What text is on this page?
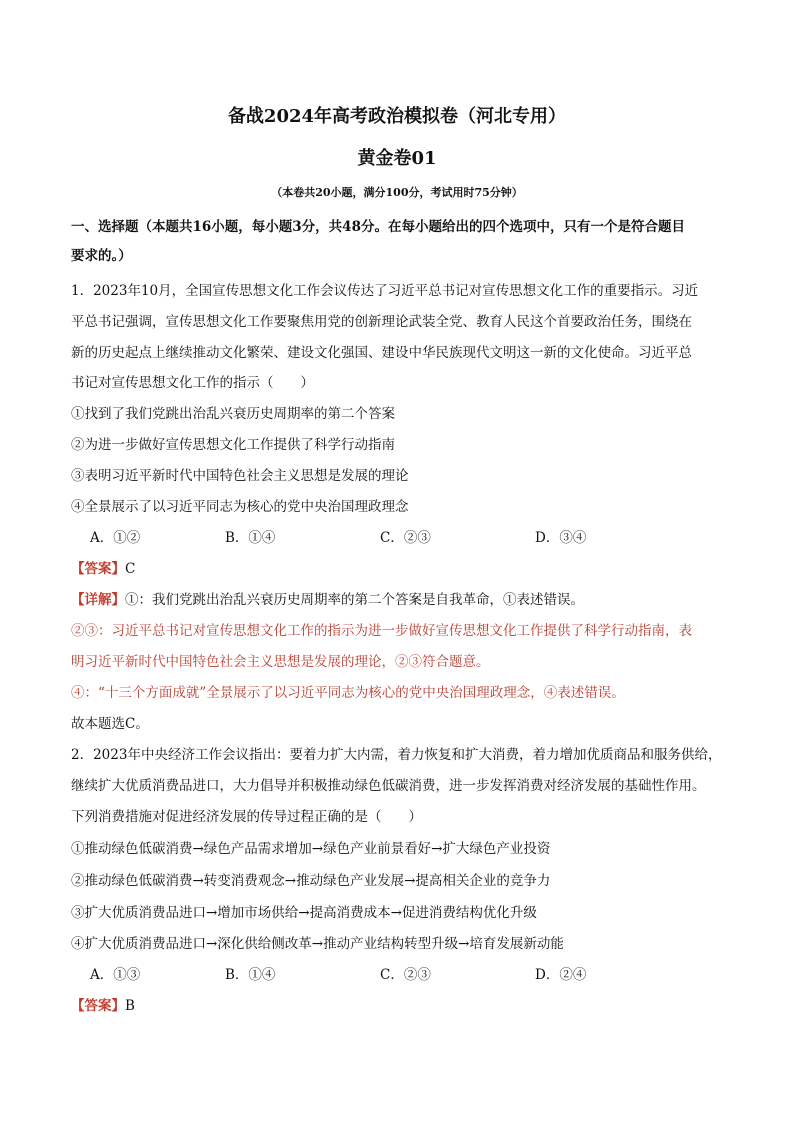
备战2024年高考政治模拟卷（河北专用）
黄金卷01
（本卷共20小题，满分100分，考试用时75分钟）
一、选择题（本题共16小题，每小题3分，共48分。在每小题给出的四个选项中，只有一个是符合题目
要求的。）
1．2023年10月，全国宣传思想文化工作会议传达了习近平总书记对宣传思想文化工作的重要指示。习近
平总书记强调，宣传思想文化工作要聚焦用党的创新理论武装全党、教育人民这个首要政治任务，围绕在
新的历史起点上继续推动文化繁荣、建设文化强国、建设中华民族现代文明这一新的文化使命。习近平总
书记对宣传思想文化工作的指示（　　）
①找到了我们党跳出治乱兴衰历史周期率的第二个答案
②为进一步做好宣传思想文化工作提供了科学行动指南
③表明习近平新时代中国特色社会主义思想是发展的理论
④全景展示了以习近平同志为核心的党中央治国理政理念
A．①②	B．①④	C．②③	D．③④
【答案】C
【详解】①：我们党跳出治乱兴衰历史周期率的第二个答案是自我革命，①表述错误。
②③：习近平总书记对宣传思想文化工作的指示为进一步做好宣传思想文化工作提供了科学行动指南，表
明习近平新时代中国特色社会主义思想是发展的理论，②③符合题意。
④：“十三个方面成就”全景展示了以习近平同志为核心的党中央治国理政理念，④表述错误。
故本题选C。
2．2023年中央经济工作会议指出：要着力扩大内需，着力恢复和扩大消费，着力增加优质商品和服务供给，
继续扩大优质消费品进口，大力倡导并积极推动绿色低碳消费，进一步发挥消费对经济发展的基础性作用。
下列消费措施对促进经济发展的传导过程正确的是（　　）
①推动绿色低碳消费→绿色产品需求增加→绿色产业前景看好→扩大绿色产业投资
②推动绿色低碳消费→转变消费观念→推动绿色产业发展→提高相关企业的竞争力
③扩大优质消费品进口→增加市场供给→提高消费成本→促进消费结构优化升级
④扩大优质消费品进口→深化供给侧改革→推动产业结构转型升级→培育发展新动能
A．①③	B．①④	C．②③	D．②④
【答案】B
